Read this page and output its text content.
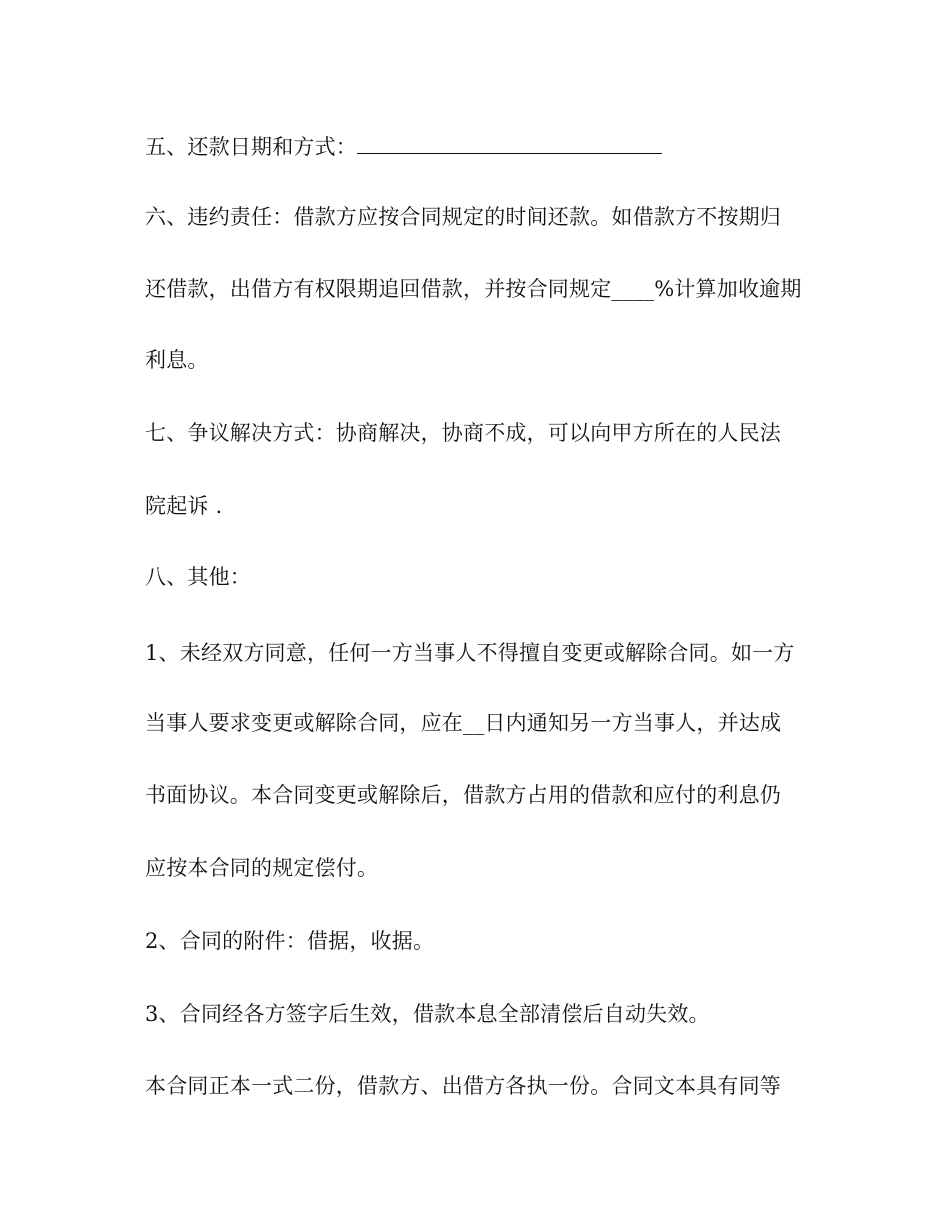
五、还款日期和方式：
六、违约责任：借款方应按合同规定的时间还款。如借款方不按期归
还借款，出借方有权限期追回借款，并按合同规定____%计算加收逾期
利息。
七、争议解决方式：协商解决，协商不成，可以向甲方所在的人民法
院起诉 .
八、其他：
1、未经双方同意，任何一方当事人不得擅自变更或解除合同。如一方
当事人要求变更或解除合同，应在__日内通知另一方当事人，并达成
书面协议。本合同变更或解除后，借款方占用的借款和应付的利息仍
应按本合同的规定偿付。
2、合同的附件：借据，收据。
3、合同经各方签字后生效，借款本息全部清偿后自动失效。
本合同正本一式二份，借款方、出借方各执一份。合同文本具有同等
